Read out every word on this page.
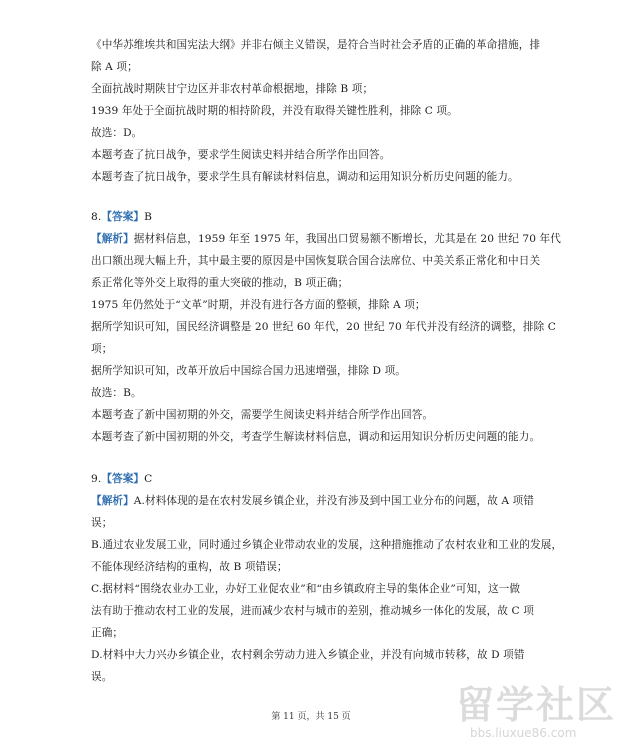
《中华苏维埃共和国宪法大纲》并非右倾主义错误，是符合当时社会矛盾的正确的革命措施，排
除 A 项；
全面抗战时期陕甘宁边区并非农村革命根据地，排除 B 项；
1939 年处于全面抗战时期的相持阶段，并没有取得关键性胜利，排除 C 项。
故选：D。
本题考查了抗日战争，要求学生阅读史料并结合所学作出回答。
本题考查了抗日战争，要求学生具有解读材料信息，调动和运用知识分析历史问题的能力。
8.【答案】B
【解析】据材料信息，1959 年至 1975 年，我国出口贸易额不断增长，尤其是在 20 世纪 70 年代
出口额出现大幅上升，其中最主要的原因是中国恢复联合国合法席位、中美关系正常化和中日关
系正常化等外交上取得的重大突破的推动，B 项正确；
1975 年仍然处于“文革”时期，并没有进行各方面的整顿，排除 A 项；
据所学知识可知，国民经济调整是 20 世纪 60 年代，20 世纪 70 年代并没有经济的调整，排除 C
项；
据所学知识可知，改革开放后中国综合国力迅速增强，排除 D 项。
故选：B。
本题考查了新中国初期的外交，需要学生阅读史料并结合所学作出回答。
本题考查了新中国初期的外交，考查学生解读材料信息，调动和运用知识分析历史问题的能力。
9.【答案】C
【解析】A.材料体现的是在农村发展乡镇企业，并没有涉及到中国工业分布的问题，故 A 项错
误；
B.通过农业发展工业，同时通过乡镇企业带动农业的发展，这种措施推动了农村农业和工业的发展，
不能体现经济结构的重构，故 B 项错误；
C.据材料“围绕农业办工业，办好工业促农业”和“由乡镇政府主导的集体企业”可知，这一做
法有助于推动农村工业的发展，进而减少农村与城市的差别，推动城乡一体化的发展，故 C 项
正确；
D.材料中大力兴办乡镇企业，农村剩余劳动力进入乡镇企业，并没有向城市转移，故 D 项错
误。
第 11 页，共 15 页	留学社区
bbs.liuxue86.com
